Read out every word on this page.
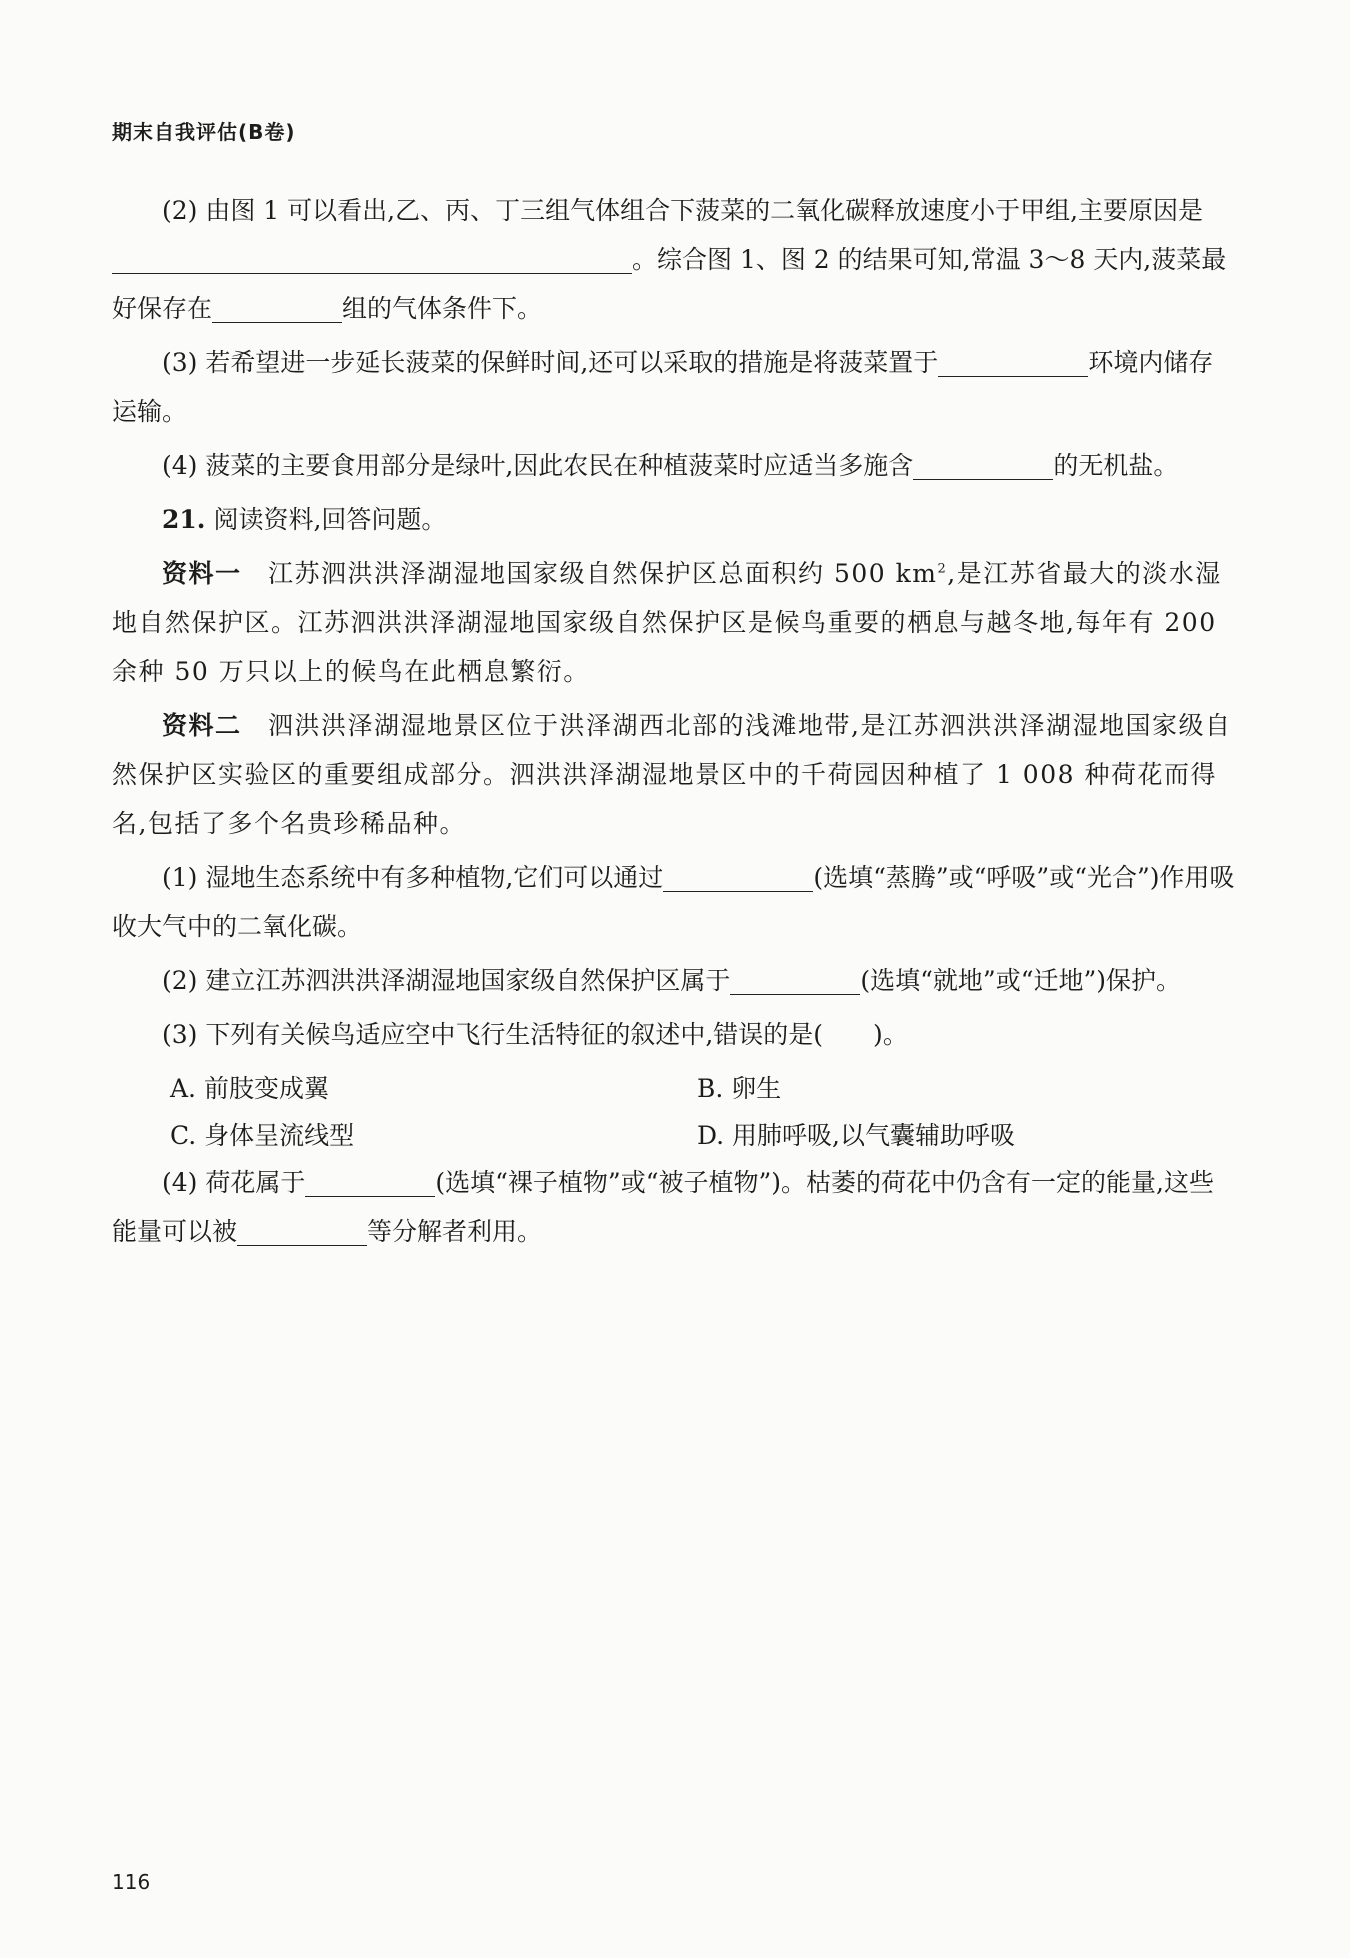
期末自我评估(B卷)

(2) 由图 1 可以看出,乙、丙、丁三组气体组合下菠菜的二氧化碳释放速度小于甲组,主要原因是。综合图 1、图 2 的结果可知,常温 3～8 天内,菠菜最好保存在	组的气体条件下。

(3) 若希望进一步延长菠菜的保鲜时间,还可以采取的措施是将菠菜置于	环境内储存运输。

(4) 菠菜的主要食用部分是绿叶,因此农民在种植菠菜时应适当多施含	的无机盐。

21. 阅读资料,回答问题。

资料一　 江苏泗洪洪泽湖湿地国家级自然保护区总面积约 500 $km^2$,是江苏省最大的淡水湿地自然保护区。江苏泗洪洪泽湖湿地国家级自然保护区是候鸟重要的栖息与越冬地,每年有 200 余种 50 万只以上的候鸟在此栖息繁衍。

资料二　 泗洪洪泽湖湿地景区位于洪泽湖西北部的浅滩地带,是江苏泗洪洪泽湖湿地国家级自然保护区实验区的重要组成部分。泗洪洪泽湖湿地景区中的千荷园因种植了 1 008 种荷花而得名,包括了多个名贵珍稀品种。

(1) 湿地生态系统中有多种植物,它们可以通过	(选填“蒸腾”或“呼吸”或“光合”)作用吸收大气中的二氧化碳。

(2) 建立江苏泗洪洪泽湖湿地国家级自然保护区属于	(选填“就地”或“迁地”)保护。

(3) 下列有关候鸟适应空中飞行生活特征的叙述中,错误的是(　　)。

A. 前肢变成翼	B. 卵生
C. 身体呈流线型	D. 用肺呼吸,以气囊辅助呼吸

(4) 荷花属于	(选填“裸子植物”或“被子植物”)。枯萎的荷花中仍含有一定的能量,这些能量可以被	等分解者利用。

116
